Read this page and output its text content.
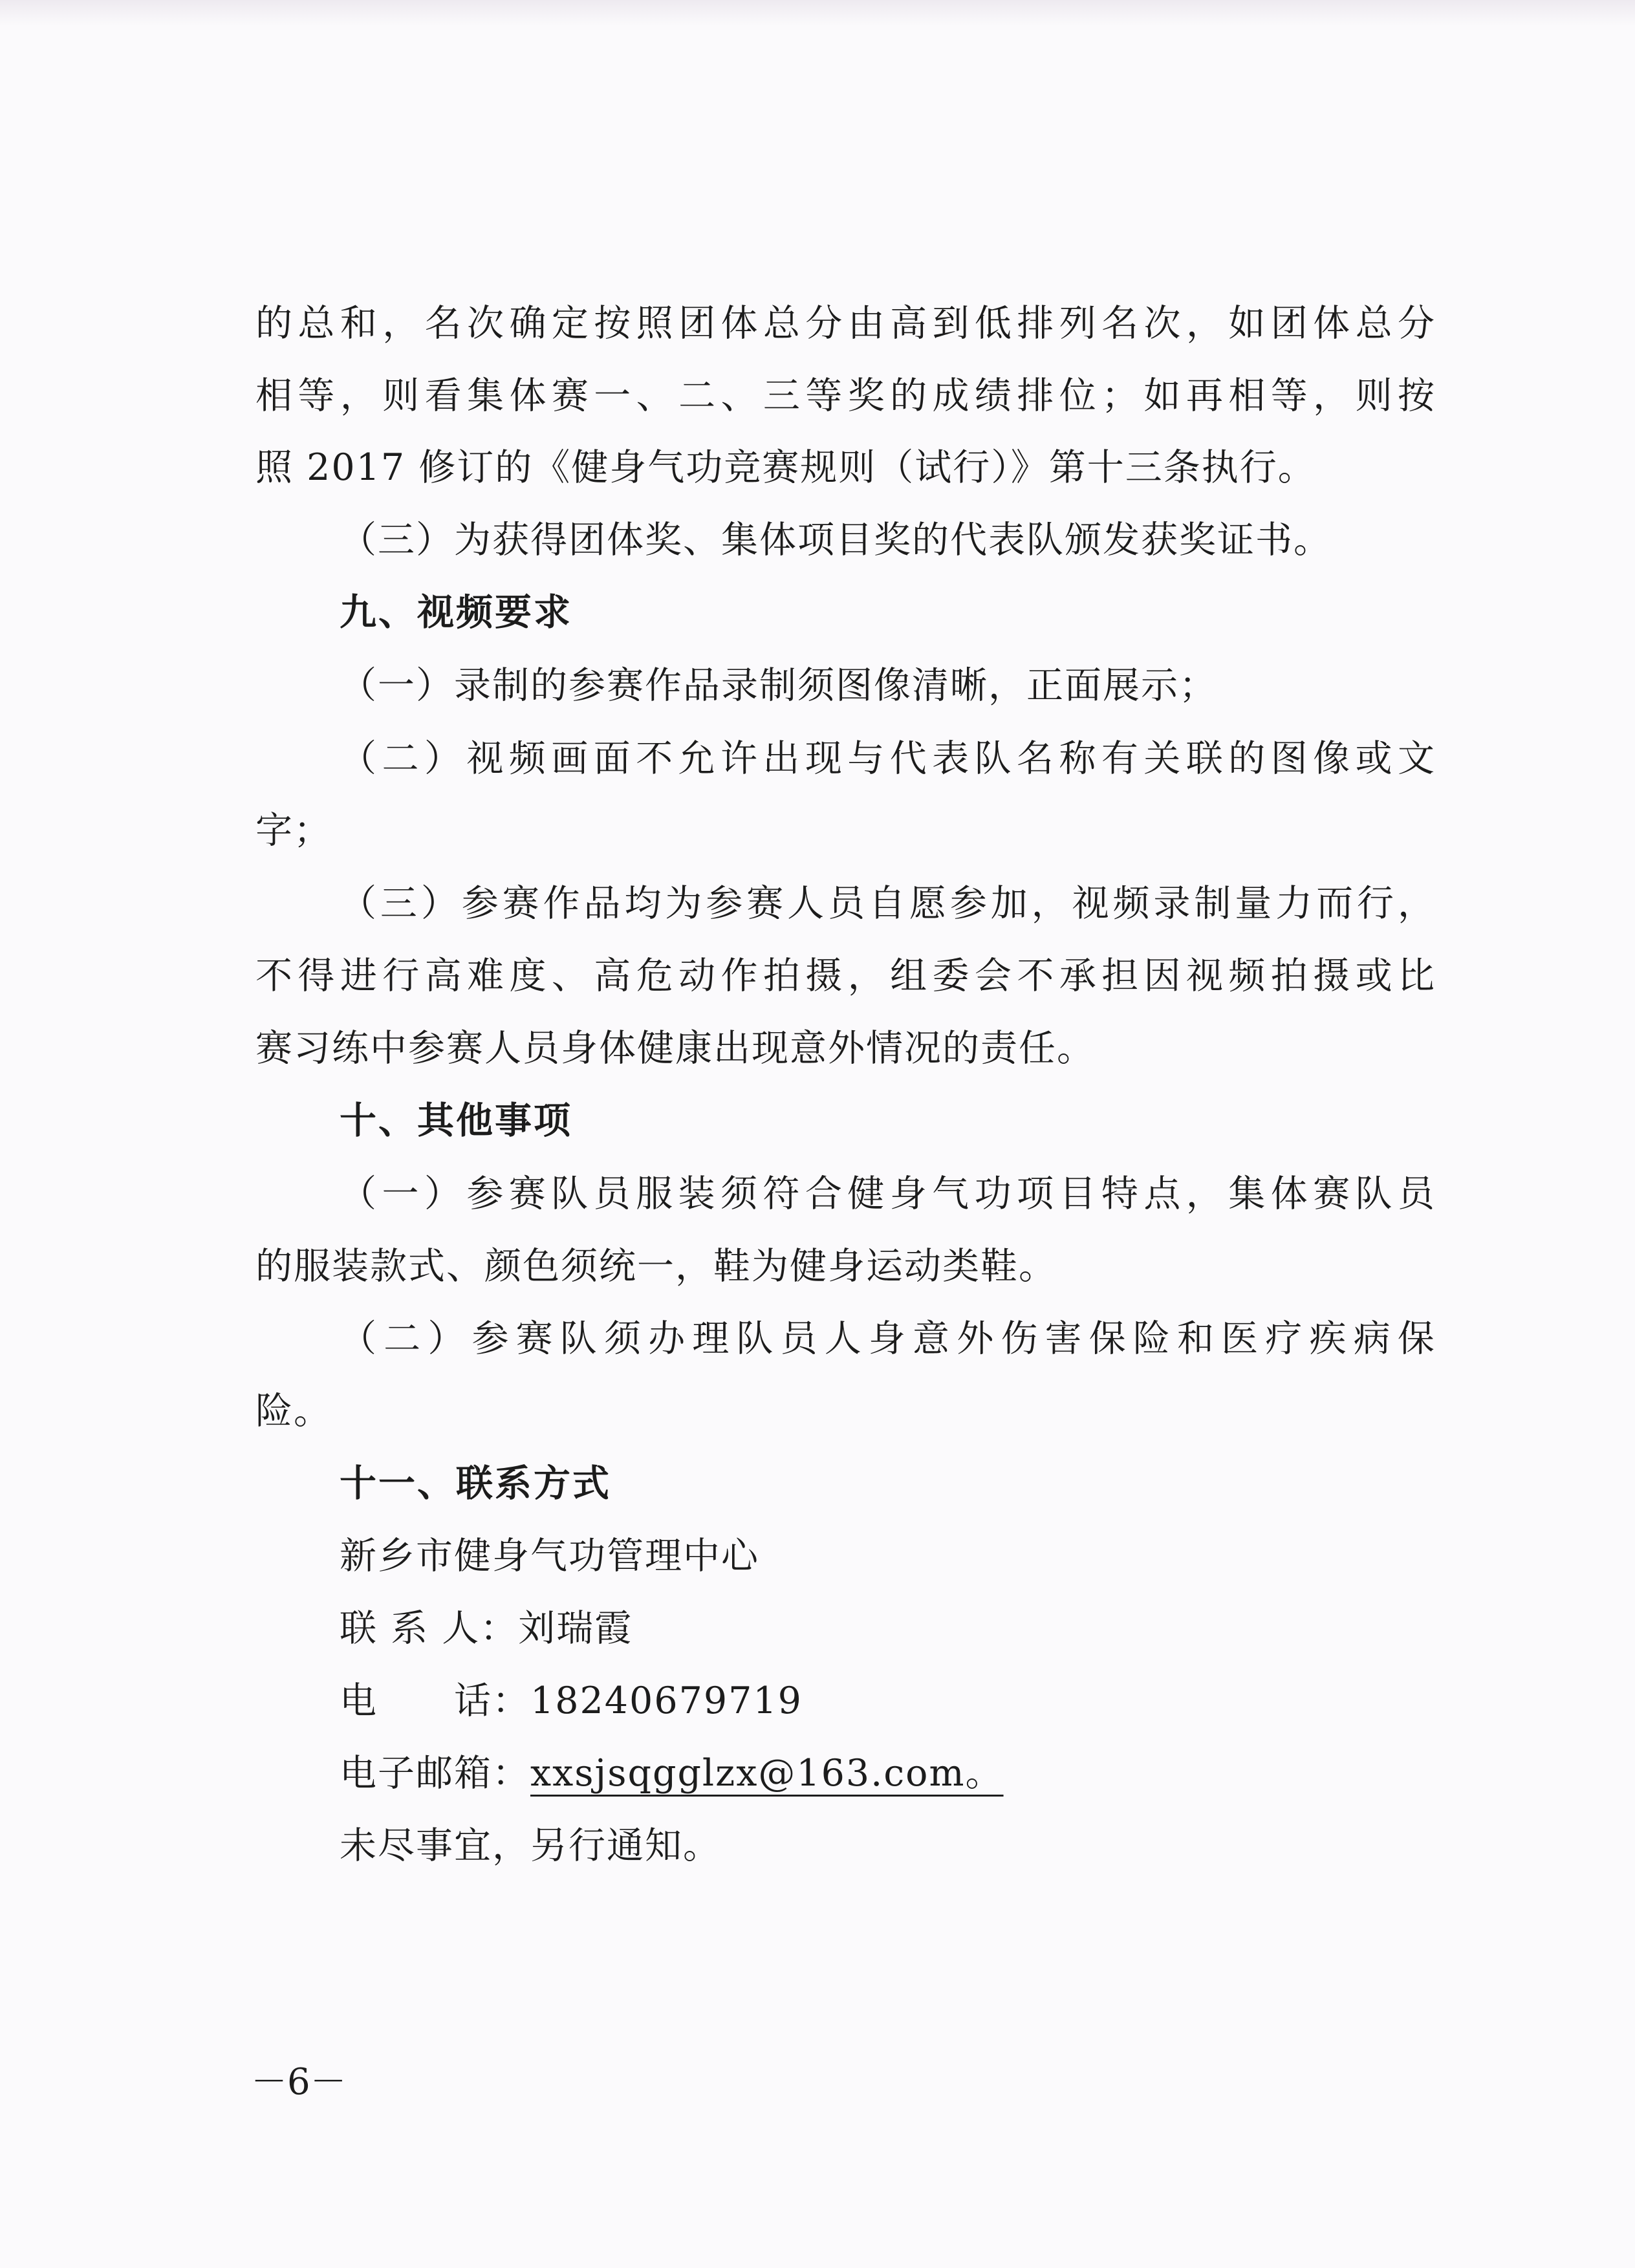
的 总 和 ， 名 次 确 定 按 照 团 体 总 分 由 高 到 低 排 列 名 次 ， 如 团 体 总 分
相 等 ， 则 看 集 体 赛 一 、 二 、 三 等 奖 的 成 绩 排 位 ； 如 再 相 等 ， 则 按
照 2017 修订的《健身气功竞赛规则（试行）》第十三条执行。
（三）为获得团体奖、集体项目奖的代表队颁发获奖证书。
九、视频要求
（一）录制的参赛作品录制须图像清晰，正面展示；
（ 二 ） 视 频 画 面 不 允 许 出 现 与 代 表 队 名 称 有 关 联 的 图 像 或 文
字；
（ 三 ） 参 赛 作 品 均 为 参 赛 人 员 自 愿 参 加 ， 视 频 录 制 量 力 而 行 ，
不 得 进 行 高 难 度 、 高 危 动 作 拍 摄 ， 组 委 会 不 承 担 因 视 频 拍 摄 或 比
赛习练中参赛人员身体健康出现意外情况的责任。
十、其他事项
（ 一 ） 参 赛 队 员 服 装 须 符 合 健 身 气 功 项 目 特 点 ， 集 体 赛 队 员
的服装款式、颜色须统一，鞋为健身运动类鞋。
（ 二 ） 参 赛 队 须 办 理 队 员 人 身 意 外 伤 害 保 险 和 医 疗 疾 病 保
险。
十一、联系方式
新乡市健身气功管理中心
联 系 人：刘瑞霞
电　　话：18240679719
电子邮箱：xxsjsqgglzx@163.com。
未尽事宜，另行通知。
－6－
